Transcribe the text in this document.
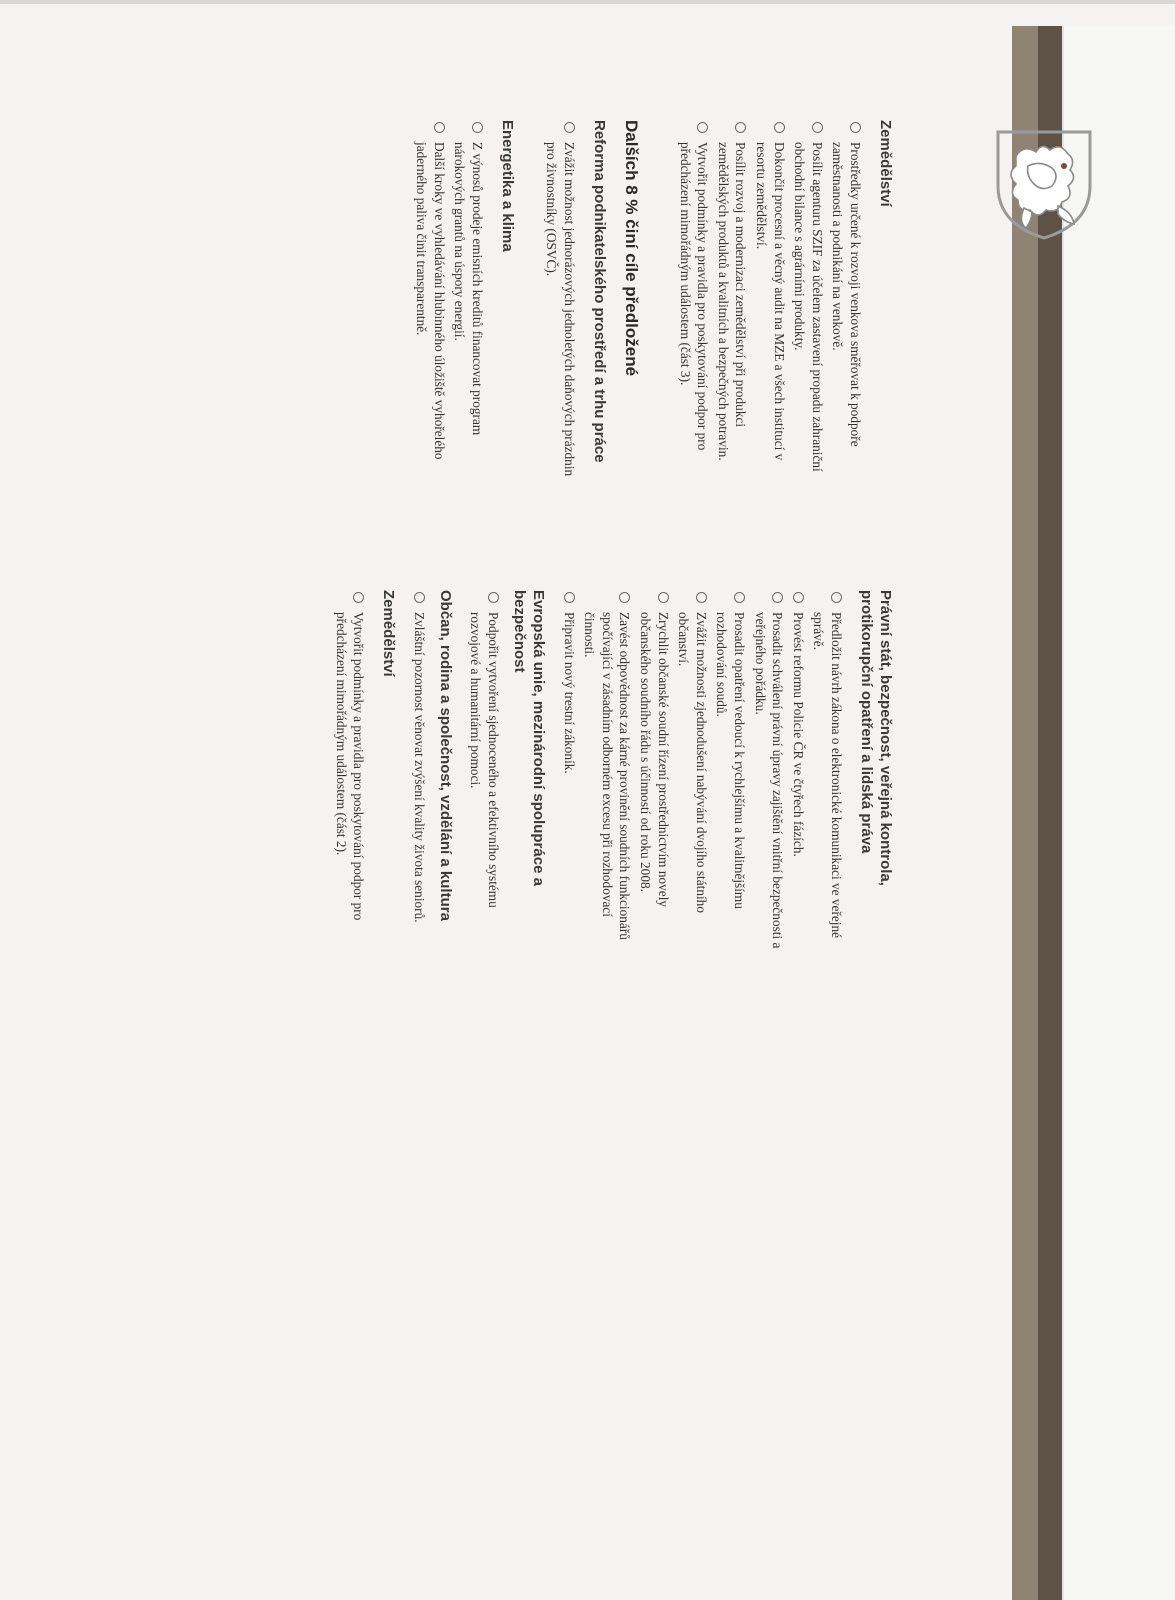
Zemědělství
Prostředky určené k rozvoji venkova směřovat k podpoře zaměstnanosti a podnikání na venkově.
Posílit agenturu SZIF za účelem zastavení propadu zahraniční obchodní bilance s agrárními produkty.
Dokončit procesní a věcný audit na MZE a všech institucí v resortu zemědělství.
Posílit rozvoj a modernizaci zemědělství při produkci zemědělských produktů a kvalitních a bezpečných potravin.
Vytvořit podmínky a pravidla pro poskytování podpor pro předcházení mimořádným událostem (část 3).
Dalších 8 % činí cíle předložené
Reforma podnikatelského prostředí a trhu práce
Zvážit možnost jednorázových jednoletých daňových prázdnin pro živnostníky (OSVČ).
Energetika a klima
Z výnosů prodeje emisních kreditů financovat program nárokových grantů na úspory energií.
Další kroky ve vyhledávání hlubinného úložiště vyhořelého jaderného paliva činit transparentně.
Právní stát, bezpečnost, veřejná kontrola,
protikorupční opatření a lidská práva
Předložit návrh zákona o elektronické komunikaci ve veřejné správě.
Provést reformu Policie ČR ve čtyřech fázích.
Prosadit schválení právní úpravy zajištění vnitřní bezpečnosti a veřejného pořádku.
Prosadit opatření vedoucí k rychlejšímu a kvalitnějšímu rozhodování soudů.
Zvážit možnosti zjednodušení nabývání dvojího státního občanství.
Zrychlit občanské soudní řízení prostřednictvím novely občanského soudního řádu s účinností od roku 2008.
Zavést odpovědnost za kárné provinění soudních funkcionářů spočívající v zásadním odborném excesu při rozhodovací činnosti.
Připravit nový trestní zákoník.
Evropská unie, mezinárodní spolupráce a bezpečnost
Podpořit vytvoření sjednoceného a efektivního systému rozvojové a humanitární pomoci.
Občan, rodina a společnost, vzdělání a kultura
Zvláštní pozornost věnovat zvýšení kvality života seniorů.
Zemědělství
Vytvořit podmínky a pravidla pro poskytování podpor pro předcházení mimořádným událostem (část 2).
